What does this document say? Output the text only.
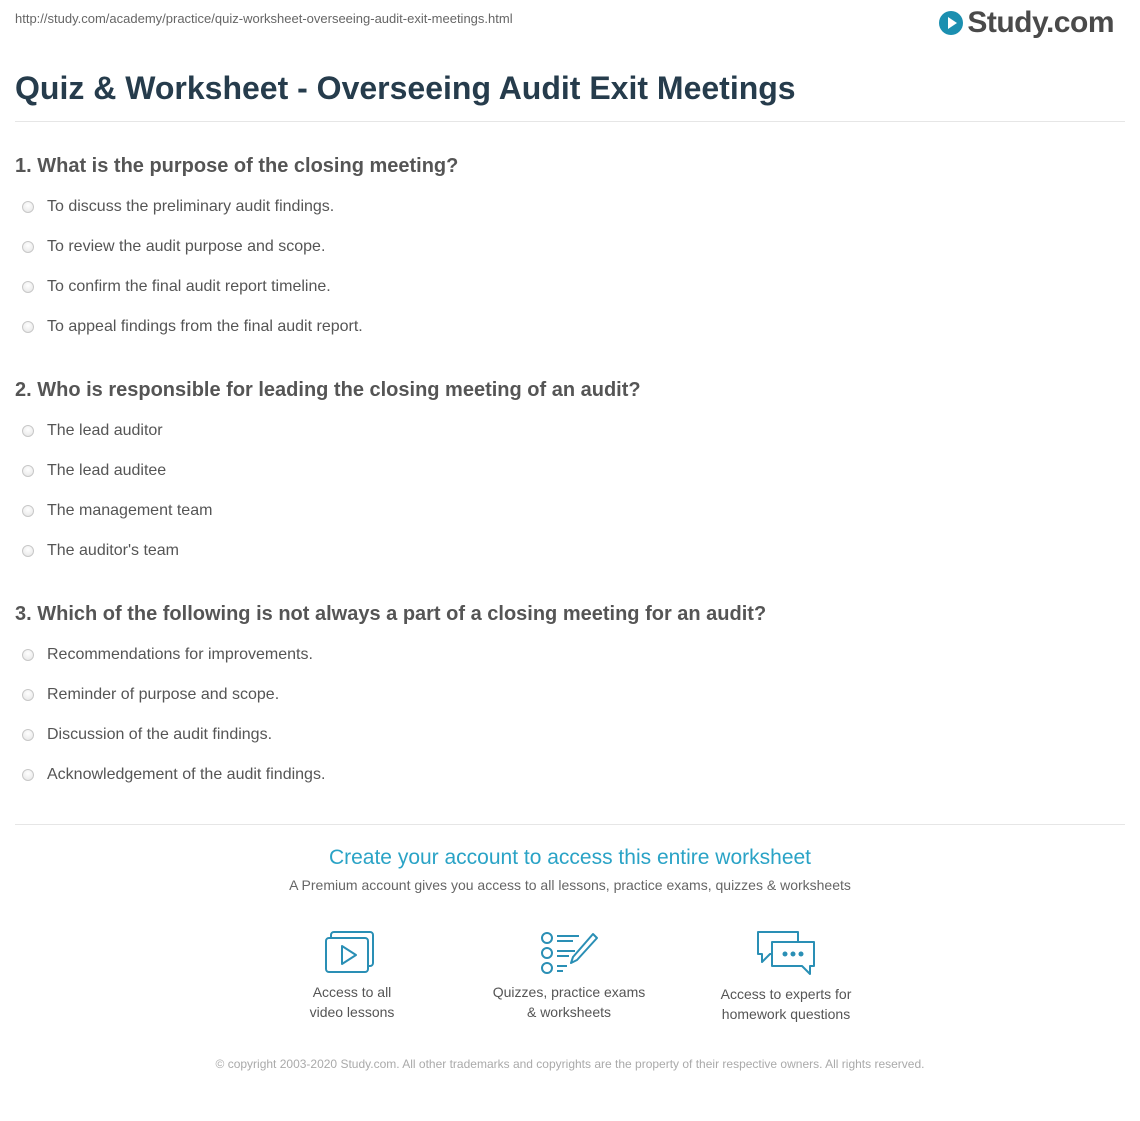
http://study.com/academy/practice/quiz-worksheet-overseeing-audit-exit-meetings.html	Study.com
Quiz & Worksheet - Overseeing Audit Exit Meetings
1. What is the purpose of the closing meeting?
To discuss the preliminary audit findings.
To review the audit purpose and scope.
To confirm the final audit report timeline.
To appeal findings from the final audit report.
2. Who is responsible for leading the closing meeting of an audit?
The lead auditor
The lead auditee
The management team
The auditor's team
3. Which of the following is not always a part of a closing meeting for an audit?
Recommendations for improvements.
Reminder of purpose and scope.
Discussion of the audit findings.
Acknowledgement of the audit findings.
Create your account to access this entire worksheet
A Premium account gives you access to all lessons, practice exams, quizzes & worksheets
Access to all
video lessons
Quizzes, practice exams
& worksheets
Access to experts for
homework questions
© copyright 2003-2020 Study.com. All other trademarks and copyrights are the property of their respective owners. All rights reserved.
